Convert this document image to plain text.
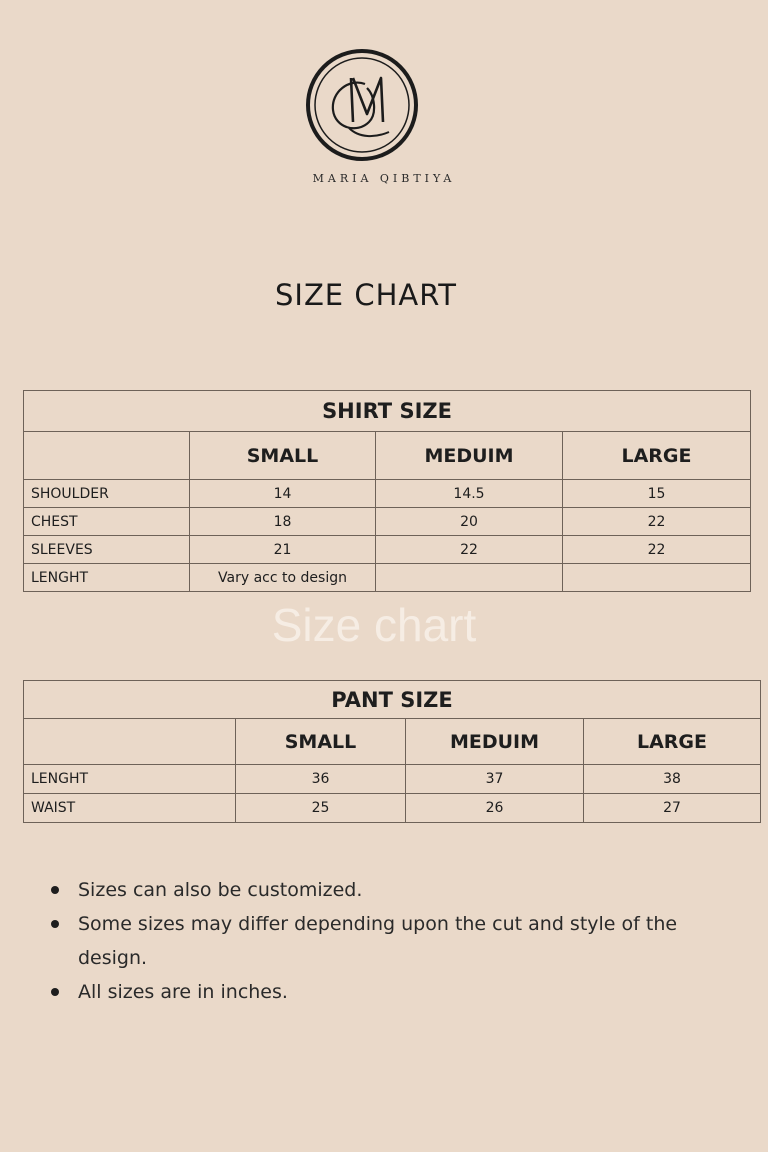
MARIA QIBTIYA
SIZE CHART
SHIRT SIZE			
	SMALL	MEDUIM	LARGE
SHOULDER	14	14.5	15
CHEST	18	20	22
SLEEVES	21	22	22
LENGHT	Vary acc to design		
Size chart
PANT SIZE			
	SMALL	MEDUIM	LARGE
LENGHT	36	37	38
WAIST	25	26	27
Sizes can also be customized.
Some sizes may differ depending upon the cut and style of the design.
All sizes are in inches.
